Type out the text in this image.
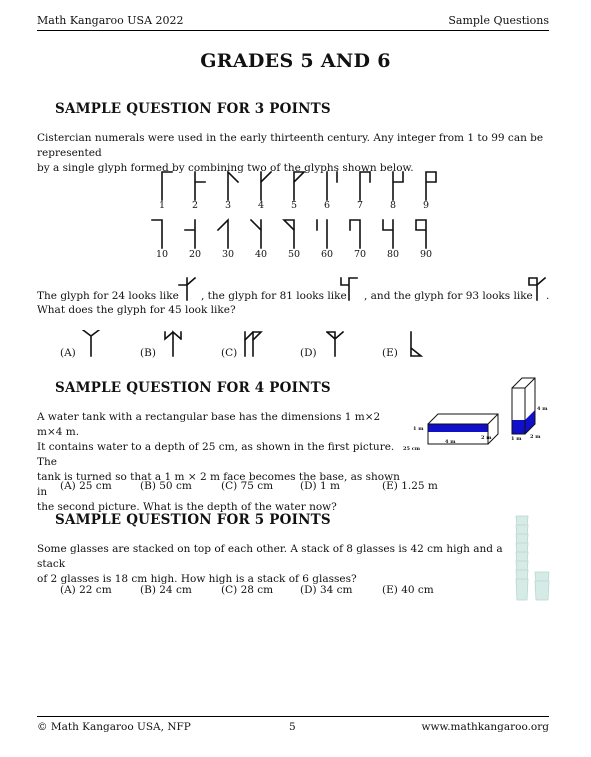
Math Kangaroo USA 2022	Sample Questions
GRADES 5 AND 6
SAMPLE QUESTION FOR 3 POINTS
Cistercian numerals were used in the early thirteenth century. Any integer from 1 to 99 can be represented
by a single glyph formed by combining two of the glyphs shown below.
1	2	3	4	5	6	7	8	9
10	20	30	40	50	60	70	80	90
The glyph for 24 looks like , the glyph for 81 looks like , and the glyph for 93 looks like .
What does the glyph for 45 look like?
(A)	(B)	(C)	(D)	(E)
SAMPLE QUESTION FOR 4 POINTS
A water tank with a rectangular base has the dimensions 1 m×2 m×4 m.
It contains water to a depth of 25 cm, as shown in the first picture. The
tank is turned so that a 1 m × 2 m face becomes the base, as shown in
the second picture. What is the depth of the water now?
1 m
4 m
2 m
25 cm
4 m
1 m 2 m
(A) 25 cm	(B) 50 cm	(C) 75 cm	(D) 1 m	(E) 1.25 m
SAMPLE QUESTION FOR 5 POINTS
Some glasses are stacked on top of each other. A stack of 8 glasses is 42 cm high and a stack
of 2 glasses is 18 cm high. How high is a stack of 6 glasses?
(A) 22 cm	(B) 24 cm	(C) 28 cm	(D) 34 cm	(E) 40 cm
© Math Kangaroo USA, NFP	5	www.mathkangaroo.org
